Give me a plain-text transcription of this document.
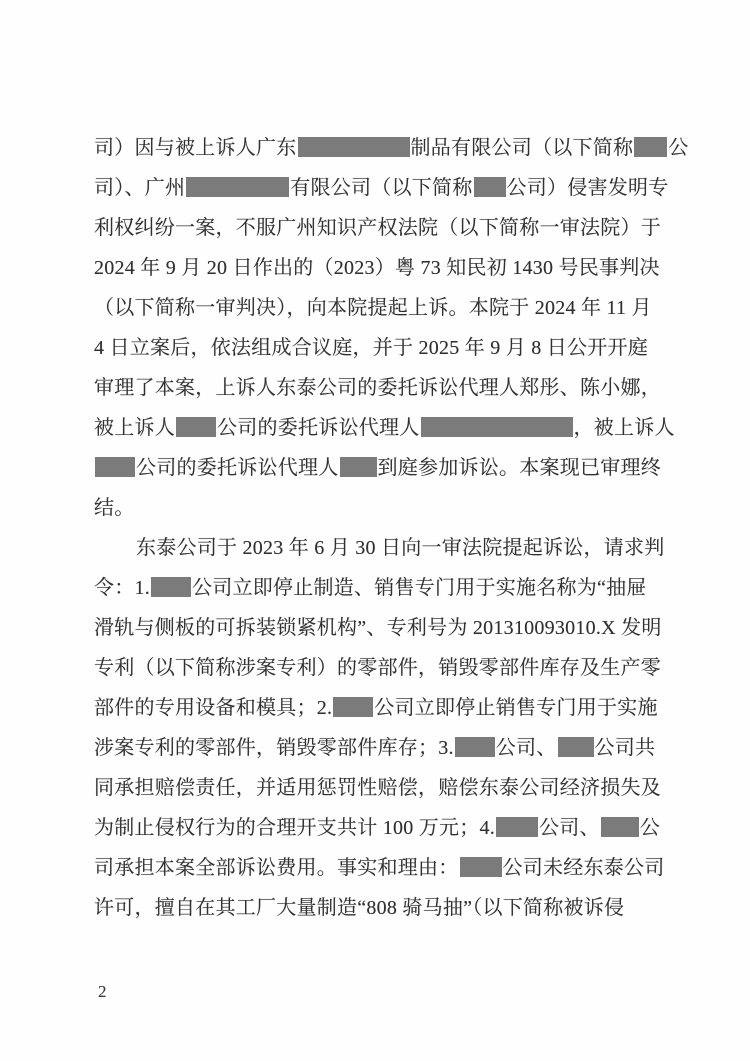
司）因与被上诉人广东	制品有限公司（以下简称 公
司）、广州	有限公司（以下简称 公司）侵害发明专
利权纠纷一案，不服广州知识产权法院（以下简称一审法院）于
2024 年 9 月 20 日作出的（2023）粤 73 知民初 1430 号民事判决
（以下简称一审判决），向本院提起上诉。本院于 2024 年 11 月
4 日立案后，依法组成合议庭，并于 2025 年 9 月 8 日公开开庭
审理了本案，上诉人东泰公司的委托诉讼代理人郑彤、陈小娜，
被上诉人 公司的委托诉讼代理人	，被上诉人
公司的委托诉讼代理人 到庭参加诉讼。本案现已审理终
结。
东泰公司于 2023 年 6 月 30 日向一审法院提起诉讼，请求判
令：1. 公司立即停止制造、销售专门用于实施名称为“抽屉
滑轨与侧板的可拆装锁紧机构”、专利号为 201310093010.X 发明
专利（以下简称涉案专利）的零部件，销毁零部件库存及生产零
部件的专用设备和模具；2. 公司立即停止销售专门用于实施
涉案专利的零部件，销毁零部件库存；3. 公司、 公司共
同承担赔偿责任，并适用惩罚性赔偿，赔偿东泰公司经济损失及
为制止侵权行为的合理开支共计 100 万元；4. 公司、 公
司承担本案全部诉讼费用。事实和理由： 公司未经东泰公司
许可，擅自在其工厂大量制造“808 骑马抽”（以下简称被诉侵
2
